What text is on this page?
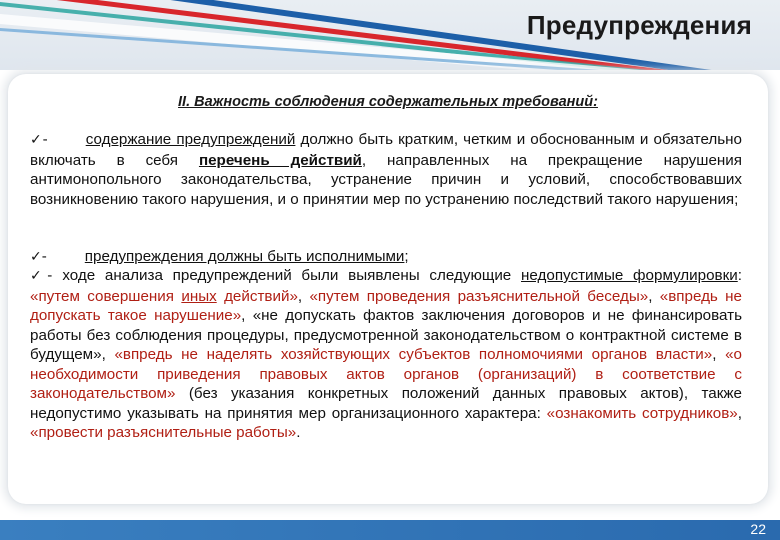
Предупреждения
II. Важность соблюдения содержательных требований:
✓-	содержание предупреждений должно быть кратким, четким и обоснованным и обязательно включать в себя перечень действий, направленных на прекращение нарушения антимонопольного законодательства, устранение причин и условий, способствовавших возникновению такого нарушения, и о принятии мер по устранению последствий такого нарушения;
✓-	предупреждения должны быть исполнимыми;
✓- ходе анализа предупреждений были выявлены следующие недопустимые формулировки: «путем совершения иных действий», «путем проведения разъяснительной беседы», «впредь не допускать такое нарушение», «не допускать фактов заключения договоров и не финансировать работы без соблюдения процедуры, предусмотренной законодательством о контрактной системе в будущем», «впредь не наделять хозяйствующих субъектов полномочиями органов власти», «о необходимости приведения правовых актов органов (организаций) в соответствие с законодательством» (без указания конкретных положений данных правовых актов), также недопустимо указывать на принятия мер организационного характера: «ознакомить сотрудников», «провести разъяснительные работы».
22
